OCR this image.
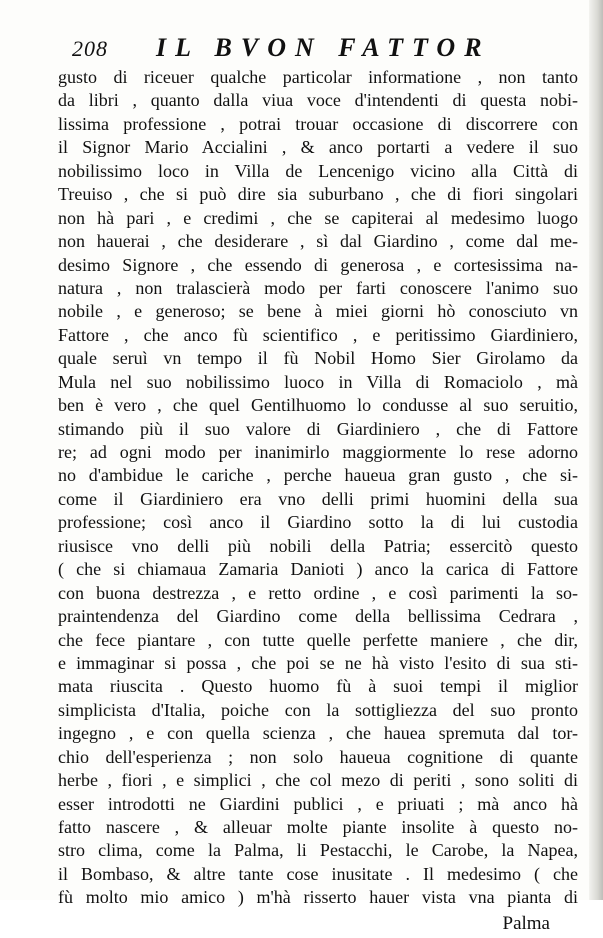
208 IL BVON FATTOR
gusto di riceuer qualche particolar informatione , non tanto
da libri , quanto dalla viua voce d'intendenti di questa nobi-
lissima professione , potrai trouar occasione di discorrere con
il Signor Mario Accialini , & anco portarti a vedere il suo
nobilissimo loco in Villa de Lencenigo vicino alla Città di
Treuiso , che si può dire sia suburbano , che di fiori singolari
non hà pari , e credimi , che se capiterai al medesimo luogo
non hauerai , che desiderare , sì dal Giardino , come dal me-
desimo Signore , che essendo di generosa , e cortesissima na-
natura , non tralascierà modo per farti conoscere l'animo suo
nobile , e generoso; se bene à miei giorni hò conosciuto vn
Fattore , che anco fù scientifico , e peritissimo Giardiniero,
quale seruì vn tempo il fù Nobil Homo Sier Girolamo da
Mula nel suo nobilissimo luoco in Villa di Romaciolo , mà
ben è vero , che quel Gentilhuomo lo condusse al suo seruitio,
stimando più il suo valore di Giardiniero , che di Fattore
re; ad ogni modo per inanimirlo maggiormente lo rese adorno
no d'ambidue le cariche , perche haueua gran gusto , che si-
come il Giardiniero era vno delli primi huomini della sua
professione; così anco il Giardino sotto la di lui custodia
riusisce vno delli più nobili della Patria; essercitò questo
( che si chiamaua Zamaria Danioti ) anco la carica di Fattore
con buona destrezza , e retto ordine , e così parimenti la so-
praintendenza del Giardino come della bellissima Cedrara ,
che fece piantare , con tutte quelle perfette maniere , che dir,
e immaginar si possa , che poi se ne hà visto l'esito di sua sti-
mata riuscita . Questo huomo fù à suoi tempi il miglior
simplicista d'Italia, poiche con la sottigliezza del suo pronto
ingegno , e con quella scienza , che hauea spremuta dal tor-
chio dell'esperienza ; non solo haueua cognitione di quante
herbe , fiori , e simplici , che col mezo di periti , sono soliti di
esser introdotti ne Giardini publici , e priuati ; mà anco hà
fatto nascere , & alleuar molte piante insolite à questo no-
stro clima, come la Palma, li Pestacchi, le Carobe, la Napea,
il Bombaso, & altre tante cose inusitate . Il medesimo ( che
fù molto mio amico ) m'hà risserto hauer vista vna pianta di
Palma
